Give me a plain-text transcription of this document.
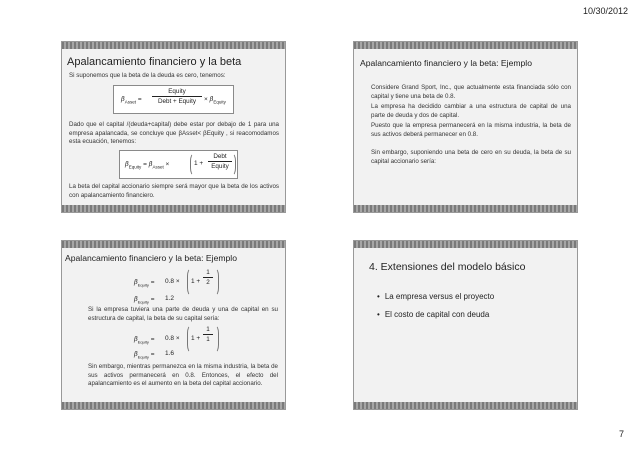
10/30/2012
Apalancamiento financiero y la beta
Si suponemos que la beta de la deuda es cero, tenemos:
$\beta_{Asset}$ =
Equity
Debt + Equity	× $\beta_{Equity}$
Dado que el capital /(deuda+capital) debe estar por debajo de 1 para una empresa apalancada, se concluye que βAsset< βEquity , si reacomodamos esta ecuación, tenemos:
$\beta_{Equity} = \beta_{Asset}$ ×	1 +
Debt
Equity
La beta del capital accionario siempre será mayor que la beta de los activos con apalancamiento financiero.
Apalancamiento financiero y la beta: Ejemplo
Considere Grand Sport, Inc., que actualmente esta financiada sólo con capital y tiene una beta de 0.8.
La empresa ha decidido cambiar a una estructura de capital de una parte de deuda y dos de capital.
Puesto que la empresa permanecerá en la misma industria, la beta de sus activos deberá permanecer en 0.8.
Sin embargo, suponiendo una beta de cero en su deuda, la beta de su capital accionario sería:
Apalancamiento financiero y la beta: Ejemplo
$\beta_{Equity} = 0.8 \times 1$ +
1
2
$\beta_{Equity} = 1.2$
Si la empresa tuviera una parte de deuda y una de capital en su estructura de capital, la beta de su capital sería:
$\beta_{Equity} = 0.8 \times 1$ +
1
1
$\beta_{Equity} = 1.6$
Sin embargo, mientras permanezca en la misma industria, la beta de sus activos permanecerá en 0.8. Entonces, el efecto del apalancamiento es el aumento en la beta del capital accionario.
4. Extensiones del modelo básico
• La empresa versus el proyecto
• El costo de capital con deuda
7
